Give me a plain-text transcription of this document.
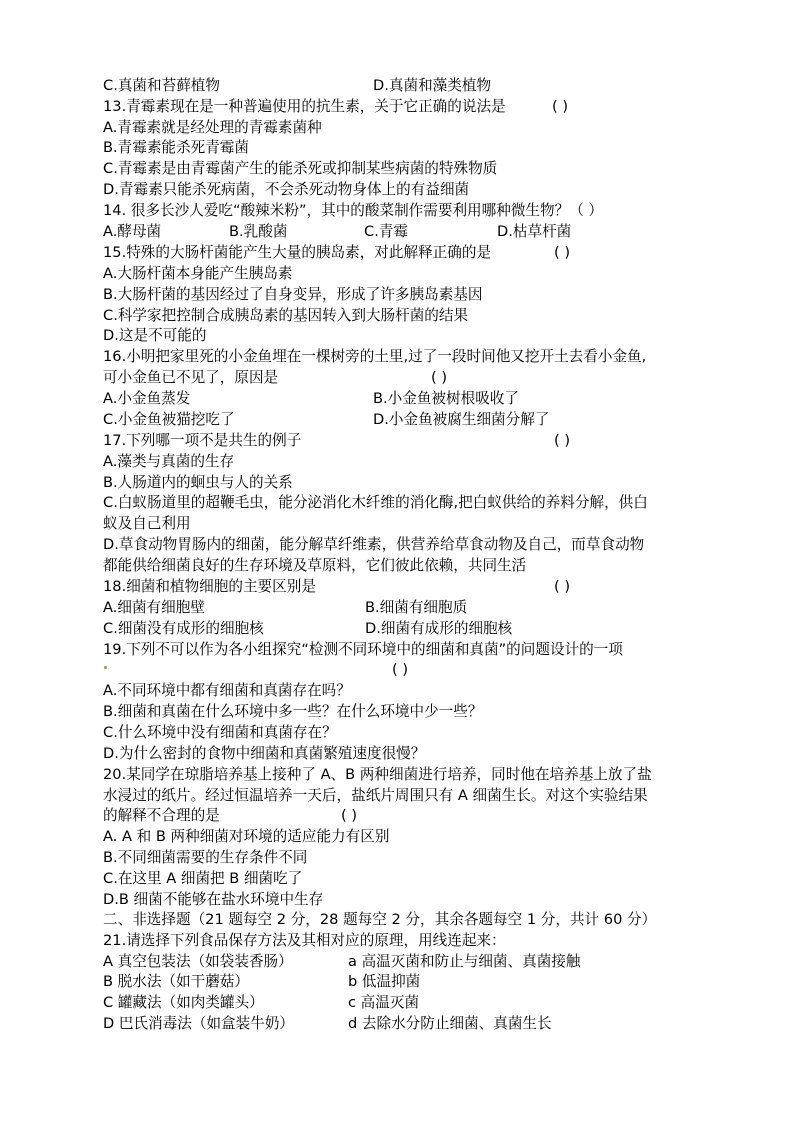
C.真菌和苔藓植物	D.真菌和藻类植物
13.青霉素现在是一种普遍使用的抗生素，关于它正确的说法是	( )
A.青霉素就是经处理的青霉素菌种
B.青霉素能杀死青霉菌
C.青霉素是由青霉菌产生的能杀死或抑制某些病菌的特殊物质
D.青霉素只能杀死病菌，不会杀死动物身体上的有益细菌
14. 很多长沙人爱吃“酸辣米粉”，其中的酸菜制作需要利用哪种微生物？（ ）
A.酵母菌	B.乳酸菌	C.青霉	D.枯草杆菌
15.特殊的大肠杆菌能产生大量的胰岛素，对此解释正确的是	( )
A.大肠杆菌本身能产生胰岛素
B.大肠杆菌的基因经过了自身变异，形成了许多胰岛素基因
C.科学家把控制合成胰岛素的基因转入到大肠杆菌的结果
D.这是不可能的
16.小明把家里死的小金鱼埋在一棵树旁的土里,过了一段时间他又挖开土去看小金鱼,
可小金鱼已不见了，原因是	( )
A.小金鱼蒸发	B.小金鱼被树根吸收了
C.小金鱼被猫挖吃了	D.小金鱼被腐生细菌分解了
17.下列哪一项不是共生的例子	( )
A.藻类与真菌的生存
B.人肠道内的蛔虫与人的关系
C.白蚁肠道里的超鞭毛虫，能分泌消化木纤维的消化酶,把白蚁供给的养料分解，供白
蚁及自己利用
D.草食动物胃肠内的细菌，能分解草纤维素，供营养给草食动物及自己，而草食动物
都能供给细菌良好的生存环境及草原料，它们彼此依赖，共同生活
18.细菌和植物细胞的主要区别是	( )
A.细菌有细胞壁	B.细菌有细胞质
C.细菌没有成形的细胞核	D.细菌有成形的细胞核
19.下列不可以作为各小组探究“检测不同环境中的细菌和真菌”的问题设计的一项
( )
A.不同环境中都有细菌和真菌存在吗？
B.细菌和真菌在什么环境中多一些？在什么环境中少一些？
C.什么环境中没有细菌和真菌存在？
D.为什么密封的食物中细菌和真菌繁殖速度很慢？
20.某同学在琼脂培养基上接种了 A、B 两种细菌进行培养，同时他在培养基上放了盐
水浸过的纸片。经过恒温培养一天后，盐纸片周围只有 A 细菌生长。对这个实验结果
的解释不合理的是	( )
A. A 和 B 两种细菌对环境的适应能力有区别
B.不同细菌需要的生存条件不同
C.在这里 A 细菌把 B 细菌吃了
D.B 细菌不能够在盐水环境中生存
二、非选择题（21 题每空 2 分，28 题每空 2 分，其余各题每空 1 分，共计 60 分）
21.请选择下列食品保存方法及其相对应的原理，用线连起来：
A 真空包装法（如袋装香肠）	a 高温灭菌和防止与细菌、真菌接触
B 脱水法（如干蘑菇）	b 低温抑菌
C 罐藏法（如肉类罐头）	c 高温灭菌
D 巴氏消毒法（如盒装牛奶）	d 去除水分防止细菌、真菌生长
